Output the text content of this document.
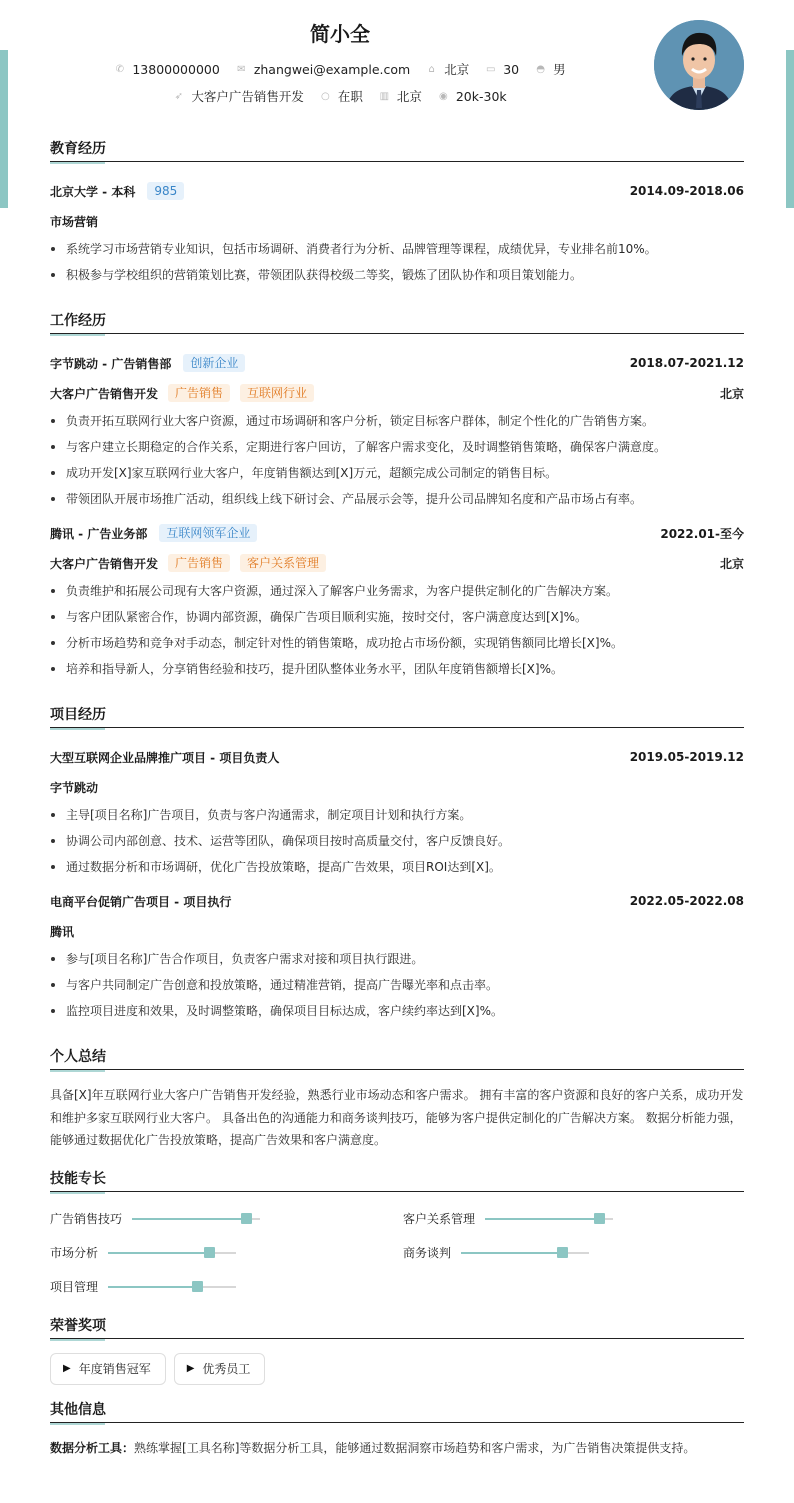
简小全
✆ 13800000000 ✉ zhangwei@example.com ⌂ 北京 ▭ 30 ◓ 男
➶ 大客户广告销售开发 ○ 在职 ▥ 北京 ◉ 20k-30k
教育经历
北京大学 - 本科	985	2014.09-2018.06
市场营销
系统学习市场营销专业知识，包括市场调研、消费者行为分析、品牌管理等课程，成绩优异，专业排名前10%。
积极参与学校组织的营销策划比赛，带领团队获得校级二等奖，锻炼了团队协作和项目策划能力。
工作经历
字节跳动 - 广告销售部	创新企业	2018.07-2021.12
大客户广告销售开发	广告销售	互联网行业	北京
负责开拓互联网行业大客户资源，通过市场调研和客户分析，锁定目标客户群体，制定个性化的广告销售方案。
与客户建立长期稳定的合作关系，定期进行客户回访，了解客户需求变化，及时调整销售策略，确保客户满意度。
成功开发[X]家互联网行业大客户，年度销售额达到[X]万元，超额完成公司制定的销售目标。
带领团队开展市场推广活动，组织线上线下研讨会、产品展示会等，提升公司品牌知名度和产品市场占有率。
腾讯 - 广告业务部	互联网领军企业	2022.01-至今
大客户广告销售开发	广告销售	客户关系管理	北京
负责维护和拓展公司现有大客户资源，通过深入了解客户业务需求，为客户提供定制化的广告解决方案。
与客户团队紧密合作，协调内部资源，确保广告项目顺利实施，按时交付，客户满意度达到[X]%。
分析市场趋势和竞争对手动态，制定针对性的销售策略，成功抢占市场份额，实现销售额同比增长[X]%。
培养和指导新人，分享销售经验和技巧，提升团队整体业务水平，团队年度销售额增长[X]%。
项目经历
大型互联网企业品牌推广项目 - 项目负责人	2019.05-2019.12
字节跳动
主导[项目名称]广告项目，负责与客户沟通需求，制定项目计划和执行方案。
协调公司内部创意、技术、运营等团队，确保项目按时高质量交付，客户反馈良好。
通过数据分析和市场调研，优化广告投放策略，提高广告效果，项目ROI达到[X]。
电商平台促销广告项目 - 项目执行	2022.05-2022.08
腾讯
参与[项目名称]广告合作项目，负责客户需求对接和项目执行跟进。
与客户共同制定广告创意和投放策略，通过精准营销，提高广告曝光率和点击率。
监控项目进度和效果，及时调整策略，确保项目目标达成，客户续约率达到[X]%。
个人总结

具备[X]年互联网行业大客户广告销售开发经验，熟悉行业市场动态和客户需求。 拥有丰富的客户资源和良好的客户关系，成功开发和维护多家互联网行业大客户。 具备出色的沟通能力和商务谈判技巧，能够为客户提供定制化的广告解决方案。 数据分析能力强，能够通过数据优化广告投放策略，提高广告效果和客户满意度。

技能专长
广告销售技巧	客户关系管理
市场分析	商务谈判
项目管理
荣誉奖项
▶ 年度销售冠军	▶ 优秀员工
其他信息

数据分析工具：熟练掌握[工具名称]等数据分析工具，能够通过数据洞察市场趋势和客户需求，为广告销售决策提供支持。
